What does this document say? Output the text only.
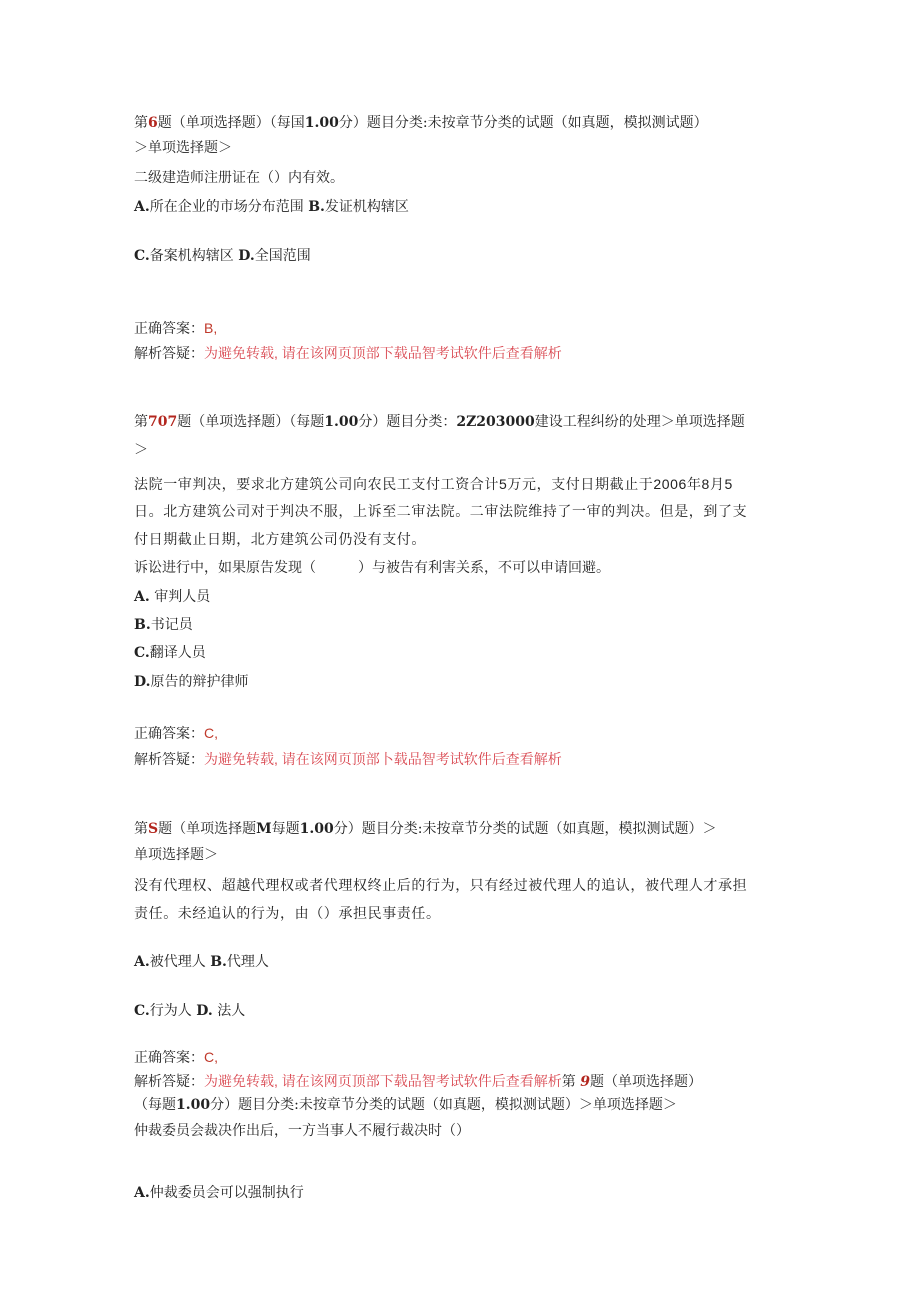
第6题（单项选择题）（每国1.00分）题目分类:未按章节分类的试题（如真题，模拟测试题）
＞单项选择题＞
二级建造师注册证在（）内有效。
A.所在企业的市场分布范围 B.发证机构辖区
C.备案机构辖区 D.全国范围
正确答案：B,
解析答疑：为避免转载, 请在该网页顶部下载品智考试软件后查看解析
第707题（单项选择题）（每题1.00分）题目分类：2Z203000建设工程纠纷的处理＞单项选择题
＞
法院一审判决，要求北方建筑公司向农民工支付工资合计5万元，支付日期截止于2006年8月5
日。北方建筑公司对于判决不服，上诉至二审法院。二审法院维持了一审的判决。但是，到了支
付日期截止日期，北方建筑公司仍没有支付。
诉讼进行中，如果原告发现（　　　）与被告有利害关系，不可以申请回避。
A. 审判人员
B.书记员
C.翻译人员
D.原告的辩护律师
正确答案：C,
解析答疑：为避免转载, 请在该网页顶部卜载品智考试软件后查看解析
第S题（单项选择题M每题1.00分）题目分类:未按章节分类的试题（如真题，模拟测试题）＞
单项选择题＞
没有代理权、超越代理权或者代理权终止后的行为，只有经过被代理人的追认，被代理人才承担
责任。未经追认的行为，由（）承担民事责任。
A.被代理人 B.代理人
C.行为人 D. 法人
正确答案：C,
解析答疑：为避免转载, 请在该网页顶部下载品智考试软件后查看解析第 9题（单项选择题）
（每题1.00分）题目分类:未按章节分类的试题（如真题，模拟测试题）＞单项选择题＞
仲裁委员会裁决作出后，一方当事人不履行裁决时（）
A.仲裁委员会可以强制执行
